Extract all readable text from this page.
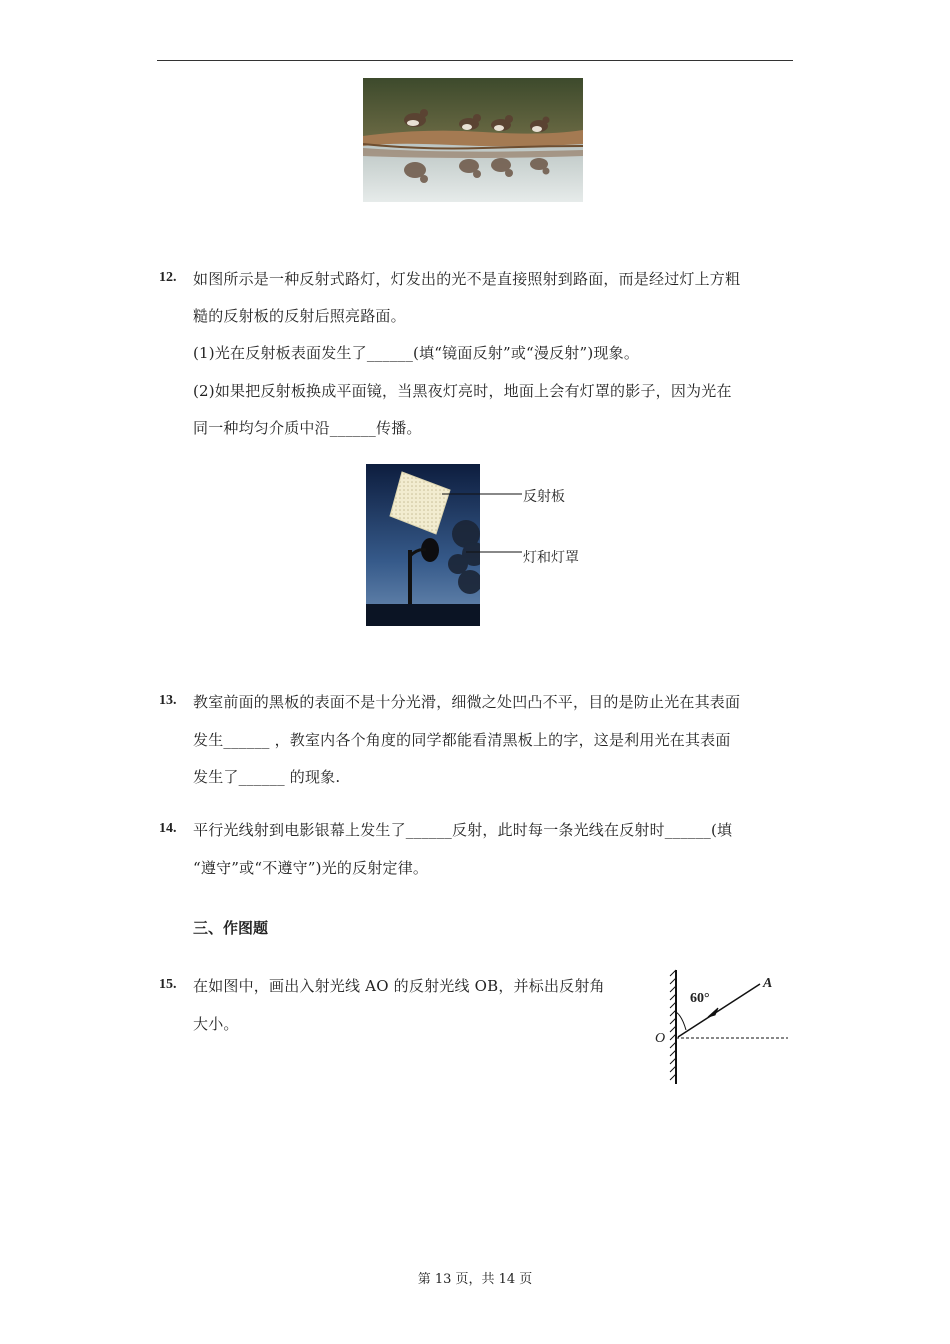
12. 如图所示是一种反射式路灯，灯发出的光不是直接照射到路面，而是经过灯上方粗
糙的反射板的反射后照亮路面。
(1)光在反射板表面发生了______(填“镜面反射”或“漫反射”)现象。
(2)如果把反射板换成平面镜，当黑夜灯亮时，地面上会有灯罩的影子，因为光在
同一种均匀介质中沿______传播。
反射板
灯和灯罩
13. 教室前面的黑板的表面不是十分光滑，细微之处凹凸不平，目的是防止光在其表面
发生______ ，教室内各个角度的同学都能看清黑板上的字，这是利用光在其表面
发生了______ 的现象.
14. 平行光线射到电影银幕上发生了______反射，此时每一条光线在反射时______(填
“遵守”或“不遵守”)光的反射定律。
三、作图题
15. 在如图中，画出入射光线 AO 的反射光线 OB，并标出反射角
大小。
60°
A
O
第 13 页，共 14 页
